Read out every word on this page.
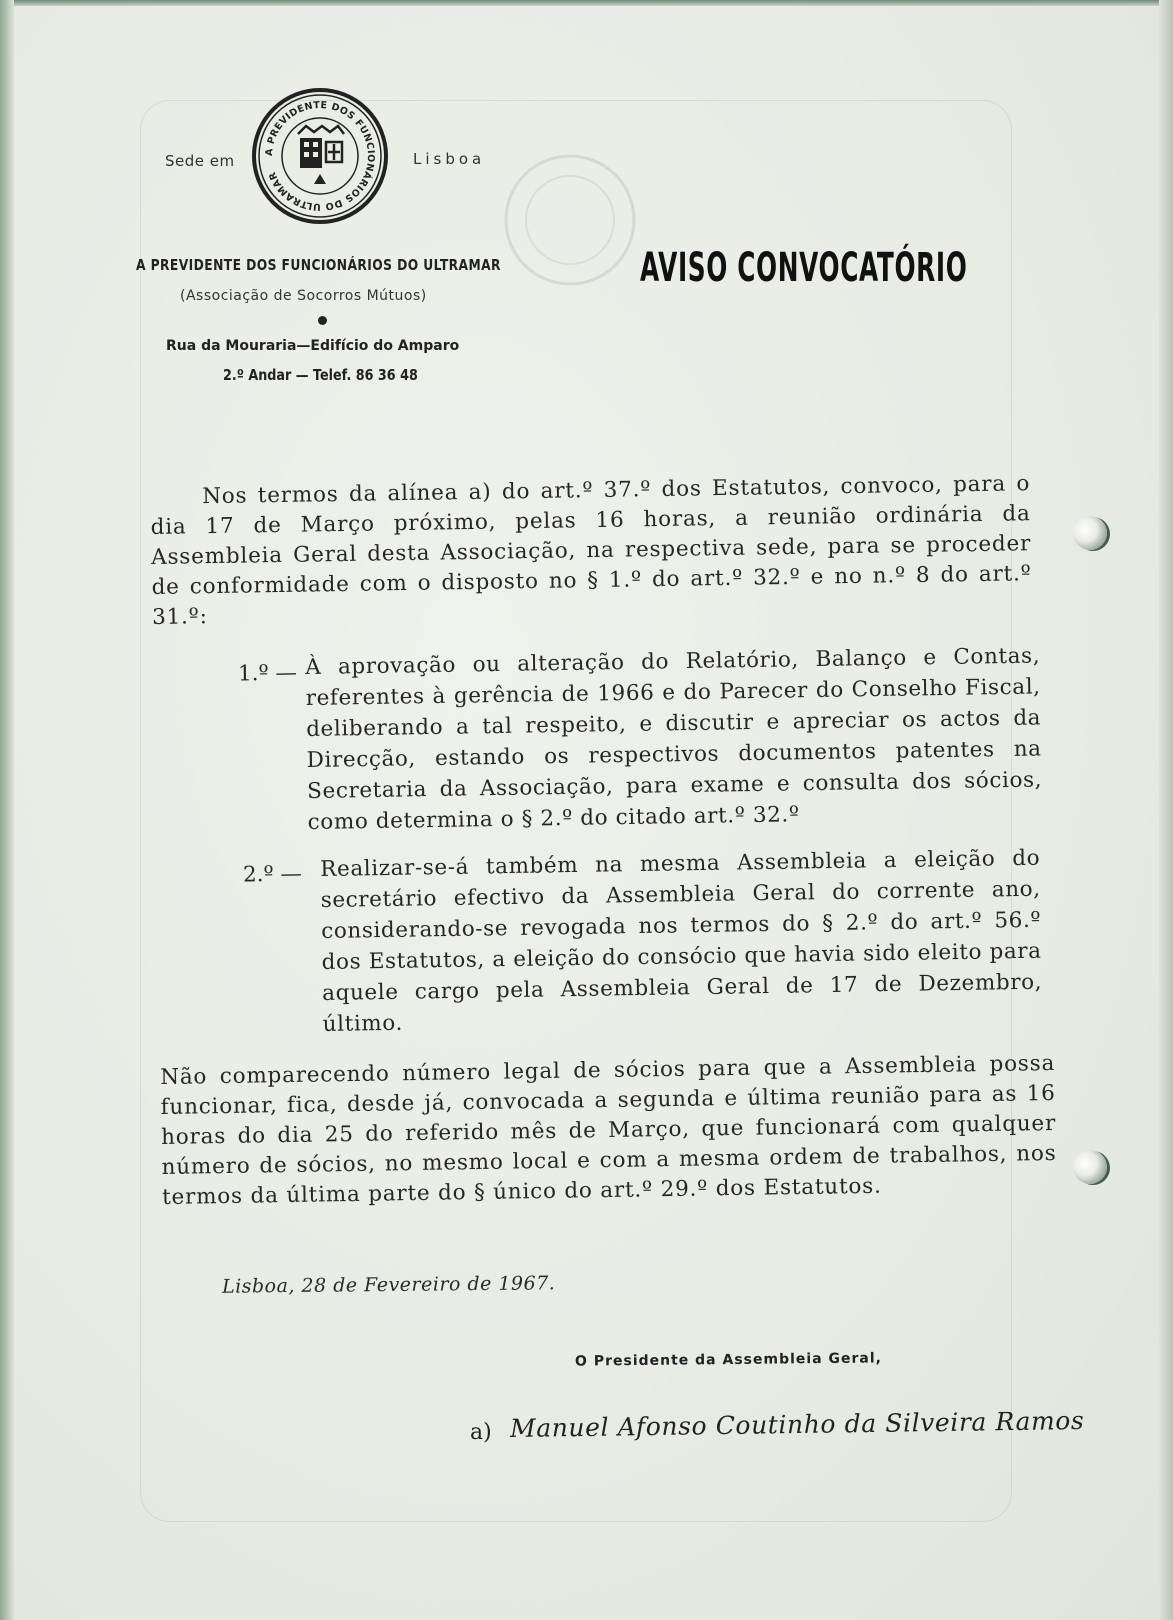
Sede em
A PREVIDENTE DOS FUNCIONÁRIOS DO ULTRAMAR
Lisboa
A PREVIDENTE DOS FUNCIONÁRIOS DO ULTRAMAR
(Associação de Socorros Mútuos)
Rua da Mouraria—Edifício do Amparo
2.º Andar — Telef. 86 36 48
AVISO CONVOCATÓRIO
Nos termos da alínea a) do art.º 37.º dos Estatutos, convoco, para o dia 17 de Março próximo, pelas 16 horas, a reunião ordinária da Assembleia Geral desta Associação, na respectiva sede, para se proceder de conformidade com o disposto no § 1.º do art.º 32.º e no n.º 8 do art.º 31.º:
1.º — À aprovação ou alteração do Relatório, Balanço e Contas, referentes à gerência de 1966 e do Parecer do Conselho Fiscal, deliberando a tal respeito, e discutir e apreciar os actos da Direcção, estando os respectivos documentos patentes na Secretaria da Associação, para exame e consulta dos sócios, como determina o § 2.º do citado art.º 32.º
2.º — Realizar-se-á também na mesma Assembleia a eleição do secretário efectivo da Assembleia Geral do corrente ano, considerando-se revogada nos termos do § 2.º do art.º 56.º dos Estatutos, a eleição do consócio que havia sido eleito para aquele cargo pela Assembleia Geral de 17 de Dezembro, último.
Não comparecendo número legal de sócios para que a Assembleia possa funcionar, fica, desde já, convocada a segunda e última reunião para as 16 horas do dia 25 do referido mês de Março, que funcionará com qualquer número de sócios, no mesmo local e com a mesma ordem de trabalhos, nos termos da última parte do § único do art.º 29.º dos Estatutos.
Lisboa, 28 de Fevereiro de 1967.
O Presidente da Assembleia Geral,
a) Manuel Afonso Coutinho da Silveira Ramos
